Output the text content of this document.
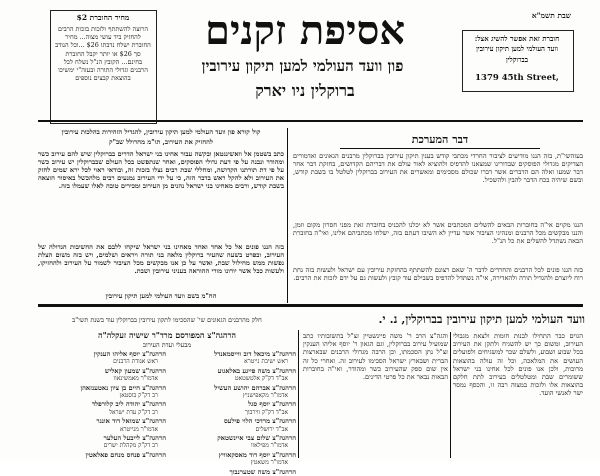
מחיר החוברת $2
הרוצה להשתתף ולזכות בזכות הרבים להחזיק ביד עושי מצוה... מחיר החוברת ישלח נדבתו $26 ...וכל הנודב סך $26 או יותר יקבל החוברת בחינם... הקובץ הנ"ל נשלח לכל הרבנים וגדולי התורה ובעזה"י ימשיכו בהוצאת קבצים נוספים
אסיפת זקנים
פון וועד העולמי למען תיקון עירובין
ברוקלין ניו יארק
שבת תשמ"א
חוברת זאת אפשר להשיג אצל:
וועד העולמי למען תיקון עירובין
בברוקלין
1379 45th Street,
דבר המערכת
בעזהשי"ת, בזה הננו מודיעים לציבור החרדי מכתבי קודש בענין תיקון עירובין בברוקלין מרבנים הגאונים ואדמורים הצדיקים מגדולי הפוסקים שבדורינו שמצאנו להדפיס ולהוציא לאור עולם את דבריהם הקדושים, בחזקת דבר אחר דבר שמעו ואלה הם הדברים אשר דברו שכולם מסכימים ומאשרים את העירוב בברוקלין לטלטל בו בשבת קודש, ובשם שיהיה בכח הדבר להבין ולהשכיל.
הננו מקוים אי"ה בחוברות הבאים להשלים המכתבים אשר לא יכלנו להכניס בחוברת זאת מפני חסרון מקום וזמן, והננו מבקשים מכל הרבנים ומנהיגי הציבור אשר עדיין לא השיבו דעתם בזה, ישלחו מכתביהם אלינו, ואי"ה בחוברת הבאה נשתדל להשלים את כל הנ"ל.
בזה הננו פונים לכל הרבנים והחרדים לדבר ה' שאם רצונם להשתתף בהחזקת עירובין עם ישראל ולעשות בזה נחת רוח ליוצרם ולהגדיל תורה ולהאדירה, אי"ה נשתדל להדפיס בשבילם עוד קובץ ולעשות גם על ידם לזכות את הרבים.
קול קורא פון וועד העולמי למען תיקון עירובין, להגדיל הזהירות בהלכות עירובין
להחזיק את העירוב, תו"מ מחרולל שב"ק
כתב בשטמן אל וואשינגטאן ובקשה עבור אחינו בני ישראל הדרים בברוקלין שיש להם עירוב כשר ומהודר ונבנה על פי דעת גדולי הפוסקים, ואחר שנתפשט בכל העולם שבברוקלין יש עירוב כשר על פי דת תורתנו הקדושה, ומחללי שבת רבים נצלו בזכות זה, ובודאי ראוי לכל ירא שמים לחזק את העירוב ולא להקל ראש בדבר הזה, כי על ידי העירוב נמנעים רבים מלהכשל באיסור הוצאה בשבת קודש, ורבים מאחינו בני ישראל נהנים מן העירוב ומכירים טובה לאלו שעמלו בזה.
בזה הננו פונים אל כל אחד ואחד מאחינו בני ישראל שיקחו ללבם את החשיבות הגדולה של העירוב, ובפרט בשעה שהעיר ברוקלין מלאה בני תורה ויראים ושלמים, ויש בזה משום הצלת נפשות ממש מחילול שבת, ואשר על כן אנו מבקשים מכל הציבור לשמור על העירוב ולהחזיקו, ולעשות ככל אשר יורונו מורי ההוראה בעניני עירובין ושבת.
הח"מ בשם וועד העולמי למען תיקון עירובין
וועד העולמי למען תיקון עירובין בברוקלין, נ. י.
חלק מהרבנים הגאונים שי' שהסכימו לתקון עירובין בברוקלין עוד בשנת תשי"ב
הרהגה"צ המפורסם מרד"ר שישיה זעקלה"ה
מבעלי ועדת העירוב

הרהגה"צ מיכאל דוב ווייסמאנדל

ראש ישיבת נייטרא

הרהגה"צ משה פייגע באלאגוע

אב"ד דק"ק אלטשטאט

הרהגה"צ אברהם יהושע העשיל

אדמו"ר מקאפישניץ

הרהגה"צ יוסף סגל

אב"ד דק"ק ווירבוך

הרהגה"צ מרדכי הלוי פילעס

אב"ד ירושלים

הרהגה"צ שלום צבי איינשטאק

אדמו"ר מפילאוו

הרהגה"צ יוסף דוד מאסקאוויץ

אדמו"ר משאטץ

הרהגה"צ משה שטערנבוך

הרהגה"צ יוסף אליהו הענקין

ראש אגודת הרבנים

הרהגה"צ שמעון קאליש

אדמו"ר מאמשינאוו

הרהגה"צ חיים בן ציון נאטענזאהן

רב דק"ק בוסטאן

הרהגה"צ יהודה ליב קלורפלד

רב דק"ק עדת ישראל

הרהגה"צ שמואל דוד אונגר

אדמו"ר מנייטרא

הרהגה"צ לייבעל העלער

רב דק"ק מקהלת ישרים

הרהגה"צ פנחס מנחם פאלאטין

הגוים כבר התחילו לבנות חומות ולצאת מגבולי העירוב, ומשום כך יש להשגיח ולתקן את העירוב בכל שבוע ושבוע, ולשלם שכר למשגיחים ולפועלים העושים את המלאכה, וכל זה עולה בהוצאות מרובות, ולכן אנו פונים לכל אחינו בני ישראל ששומרים שבת ומטלטלים בעירוב לתת חלקם בהוצאות אלו ולזכות במצוה רבה זו, והכסף נמסר ישר לאנשי הועד.
והגה"צ הרב ר' משה פיינשטיין זצ"ל בתשובותיו כתב שמועיל עירוב בברוקלין, וגם הגאון ר' יוסף אליהו הענקין זצ"ל נתן הסכמתו, וכן הרבה מגדולי הרבנים שבארצות הברית ושבארץ ישראל הסכימו לעירוב זה. ואחרי כל זה אין שום ספק שהעירוב כשר ומהודר, ואי"ה בחוברות הבאות נבאר את כל פרטי הדינים.
